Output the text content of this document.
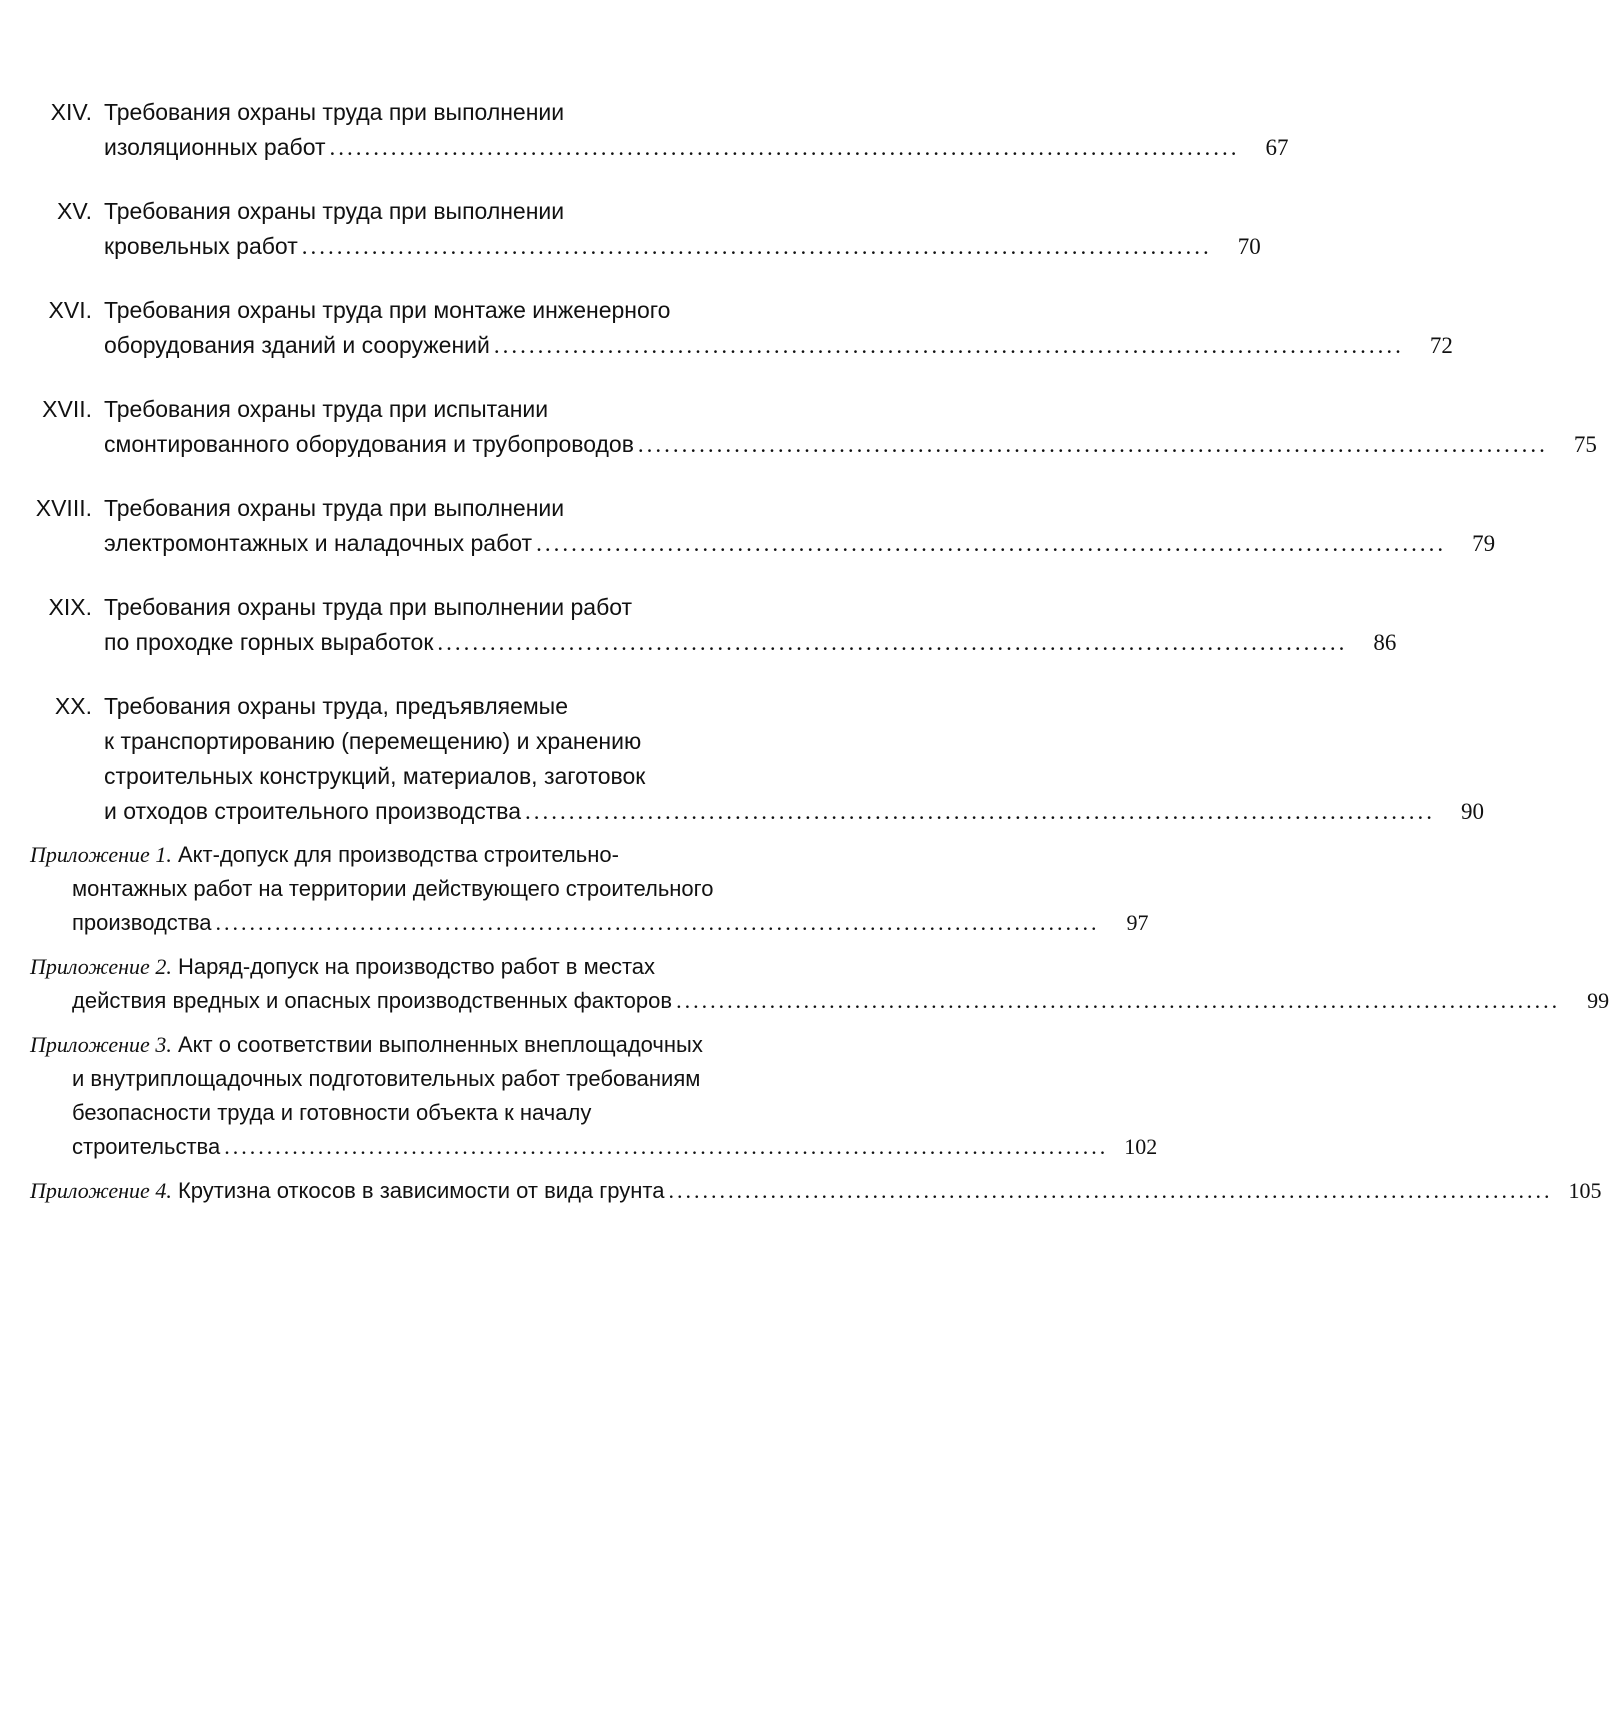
XIV. Требования охраны труда при выполнении
изоляционных работ ........................................................................................................	67
XV. Требования охраны труда при выполнении
кровельных работ ........................................................................................................	70
XVI. Требования охраны труда при монтаже инженерного
оборудования зданий и сооружений ........................................................................................................	72
XVII. Требования охраны труда при испытании
смонтированного оборудования и трубопроводов ........................................................................................................	75
XVIII. Требования охраны труда при выполнении
электромонтажных и наладочных работ ........................................................................................................	79
XIX. Требования охраны труда при выполнении работ
по проходке горных выработок ........................................................................................................	86
XX. Требования охраны труда, предъявляемые
к транспортированию (перемещению) и хранению
строительных конструкций, материалов, заготовок
и отходов строительного производства ........................................................................................................	90
Приложение 1. Акт-допуск для производства строительно-
монтажных работ на территории действующего строительного
производства ........................................................................................................	97
Приложение 2. Наряд-допуск на производство работ в местах
действия вредных и опасных производственных факторов ........................................................................................................	99
Приложение 3. Акт о соответствии выполненных внеплощадочных
и внутриплощадочных подготовительных работ требованиям
безопасности труда и готовности объекта к началу
строительства ........................................................................................................ 102
Приложение 4. Крутизна откосов в зависимости от вида грунта ........................................................................................................ 105
